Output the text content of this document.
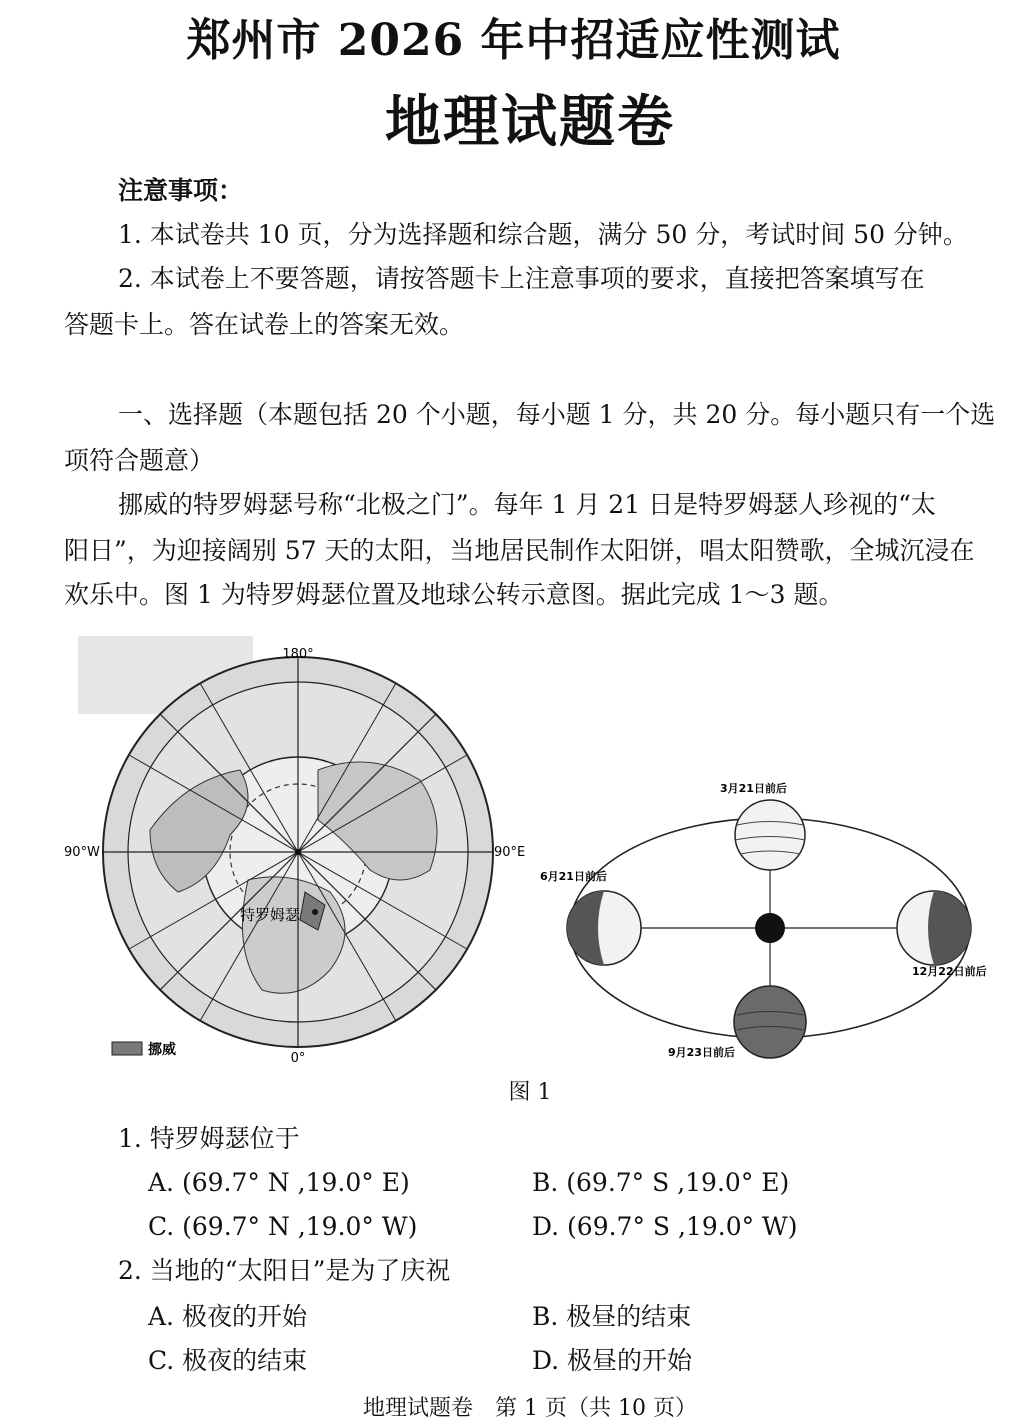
郑州市 2026 年中招适应性测试
地理试题卷
注意事项：
1. 本试卷共 10 页，分为选择题和综合题，满分 50 分，考试时间 50 分钟。
2. 本试卷上不要答题，请按答题卡上注意事项的要求，直接把答案填写在
答题卡上。答在试卷上的答案无效。
一、选择题（本题包括 20 个小题，每小题 1 分，共 20 分。每小题只有一个选
项符合题意）
挪威的特罗姆瑟号称“北极之门”。每年 1 月 21 日是特罗姆瑟人珍视的“太
阳日”，为迎接阔别 57 天的太阳，当地居民制作太阳饼，唱太阳赞歌，全城沉浸在
欢乐中。图 1 为特罗姆瑟位置及地球公转示意图。据此完成 1～3 题。
180°
0°
90°W	90°E
特罗姆瑟
挪威
3月21日前后
6月21日前后
12月22日前后
9月23日前后
图 1
1. 特罗姆瑟位于
A. (69.7° N ,19.0° E)	B. (69.7° S ,19.0° E)
C. (69.7° N ,19.0° W)	D. (69.7° S ,19.0° W)
2. 当地的“太阳日”是为了庆祝
A. 极夜的开始	B. 极昼的结束
C. 极夜的结束	D. 极昼的开始
地理试题卷　第 1 页（共 10 页）
